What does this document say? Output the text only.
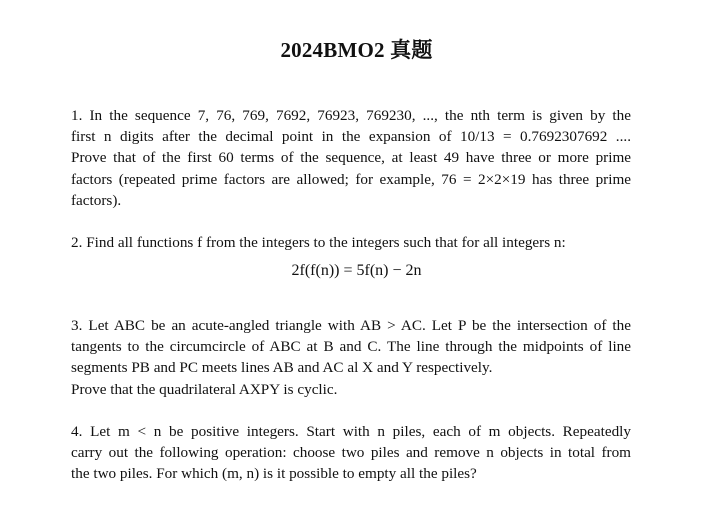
2024BMO2 真题
1. In the sequence 7, 76, 769, 7692, 76923, 769230, ..., the nth term is given by the
first n digits after the decimal point in the expansion of 10/13 = 0.7692307692 ....
Prove that of the first 60 terms of the sequence, at least 49 have three or more prime
factors (repeated prime factors are allowed; for example, 76 = 2×2×19 has three prime
factors).
2. Find all functions f from the integers to the integers such that for all integers n:
2f(f(n)) = 5f(n) − 2n
3. Let ABC be an acute-angled triangle with AB > AC. Let P be the intersection of the
tangents to the circumcircle of ABC at B and C. The line through the midpoints of line
segments PB and PC meets lines AB and AC al X and Y respectively.
Prove that the quadrilateral AXPY is cyclic.
4. Let m < n be positive integers. Start with n piles, each of m objects. Repeatedly
carry out the following operation: choose two piles and remove n objects in total from
the two piles. For which (m, n) is it possible to empty all the piles?
